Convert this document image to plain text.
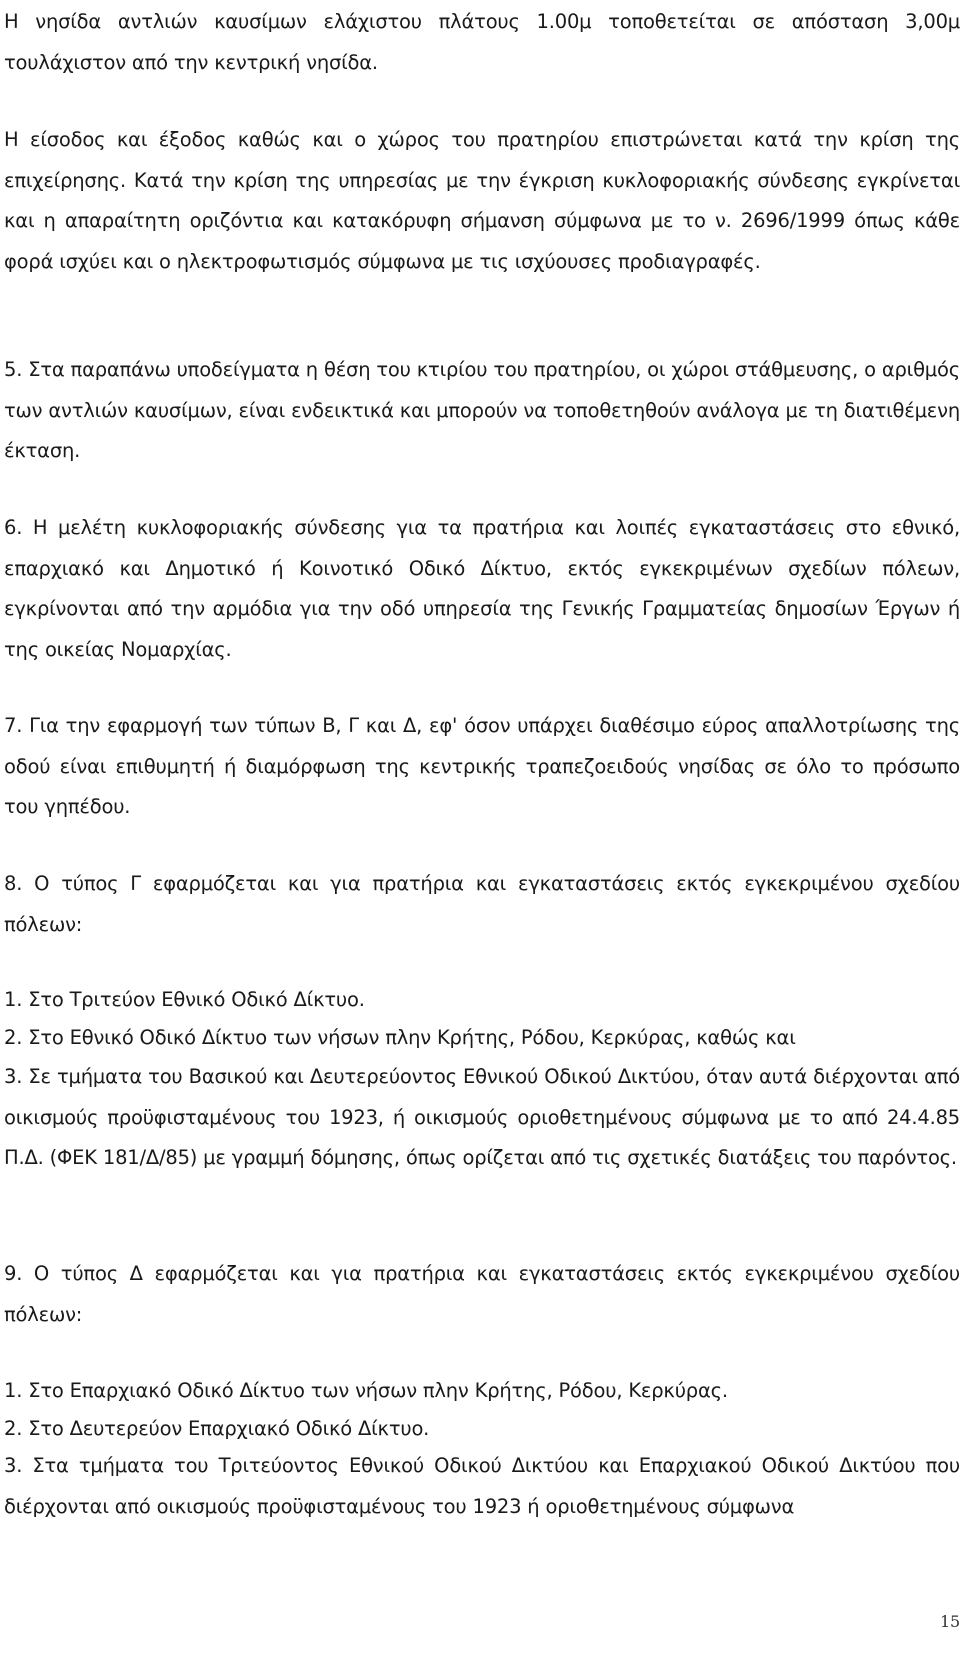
Η νησίδα αντλιών καυσίμων ελάχιστου πλάτους 1.00μ τοποθετείται σε απόσταση 3,00μ τουλάχιστον από την κεντρική νησίδα.

Η είσοδος και έξοδος καθώς και ο χώρος του πρατηρίου επιστρώνεται κατά την κρίση της επιχείρησης. Κατά την κρίση της υπηρεσίας με την έγκριση κυκλοφοριακής σύνδεσης εγκρίνεται και η απαραίτητη οριζόντια και κατακόρυφη σήμανση σύμφωνα με το ν. 2696/1999 όπως κάθε φορά ισχύει και ο ηλεκτροφωτισμός σύμφωνα με τις ισχύουσες προδιαγραφές.

5. Στα παραπάνω υποδείγματα η θέση του κτιρίου του πρατηρίου, οι χώροι στάθμευσης, ο αριθμός των αντλιών καυσίμων, είναι ενδεικτικά και μπορούν να τοποθετηθούν ανάλογα με τη διατιθέμενη έκταση.

6. Η μελέτη κυκλοφοριακής σύνδεσης για τα πρατήρια και λοιπές εγκαταστάσεις στο εθνικό, επαρχιακό και Δημοτικό ή Κοινοτικό Οδικό Δίκτυο, εκτός εγκεκριμένων σχεδίων πόλεων, εγκρίνονται από την αρμόδια για την οδό υπηρεσία της Γενικής Γραμματείας δημοσίων Έργων ή της οικείας Νομαρχίας.

7. Για την εφαρμογή των τύπων Β, Γ και Δ, εφ' όσον υπάρχει διαθέσιμο εύρος απαλλοτρίωσης της οδού είναι επιθυμητή ή διαμόρφωση της κεντρικής τραπεζοειδούς νησίδας σε όλο το πρόσωπο του γηπέδου.

8. Ο τύπος Γ εφαρμόζεται και για πρατήρια και εγκαταστάσεις εκτός εγκεκριμένου σχεδίου πόλεων:

1. Στο Τριτεύον Εθνικό Οδικό Δίκτυο.

2. Στο Εθνικό Οδικό Δίκτυο των νήσων πλην Κρήτης, Ρόδου, Κερκύρας, καθώς και

3. Σε τμήματα του Βασικού και Δευτερεύοντος Εθνικού Οδικού Δικτύου, όταν αυτά διέρχονται από οικισμούς προϋφισταμένους του 1923, ή οικισμούς οριοθετημένους σύμφωνα με το από 24.4.85 Π.Δ. (ΦΕΚ 181/Δ/85) με γραμμή δόμησης, όπως ορίζεται από τις σχετικές διατάξεις του παρόντος.

9. Ο τύπος Δ εφαρμόζεται και για πρατήρια και εγκαταστάσεις εκτός εγκεκριμένου σχεδίου πόλεων:

1. Στο Επαρχιακό Οδικό Δίκτυο των νήσων πλην Κρήτης, Ρόδου, Κερκύρας.

2. Στο Δευτερεύον Επαρχιακό Οδικό Δίκτυο.

3. Στα τμήματα του Τριτεύοντος Εθνικού Οδικού Δικτύου και Επαρχιακού Οδικού Δικτύου που διέρχονται από οικισμούς προϋφισταμένους του 1923 ή οριοθετημένους σύμφωνα

15
